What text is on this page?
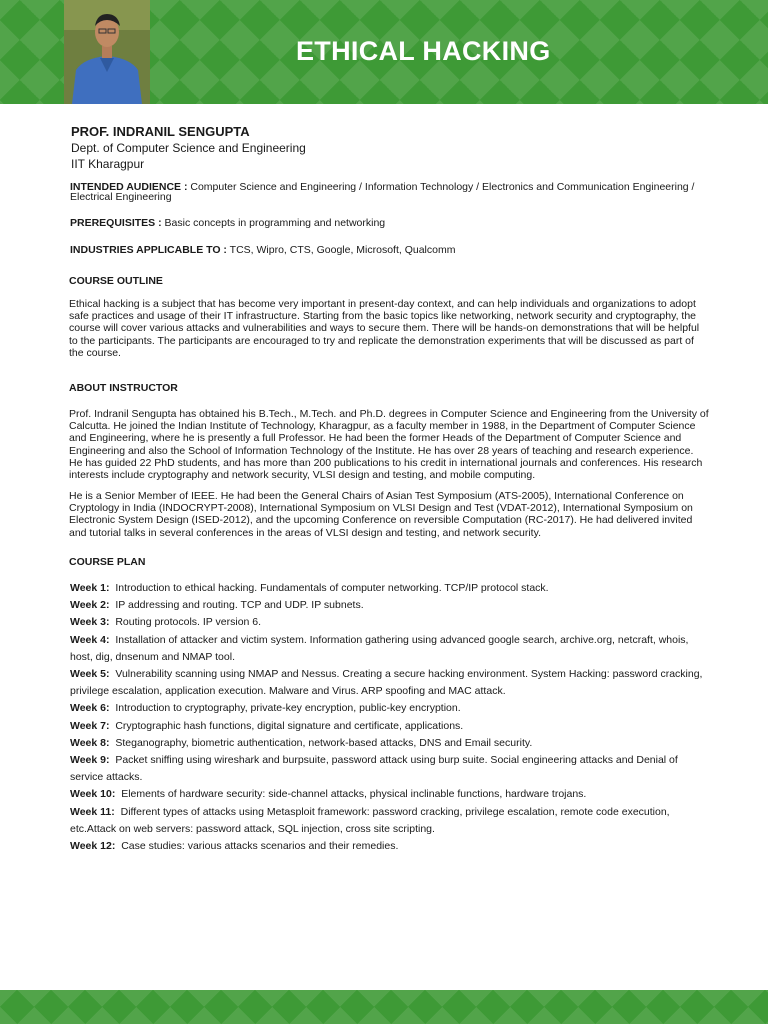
ETHICAL HACKING
PROF. INDRANIL SENGUPTA
Dept. of Computer Science and Engineering
IIT Kharagpur
INTENDED AUDIENCE : Computer Science and Engineering / Information Technology / Electronics and Communication Engineering / Electrical Engineering
PREREQUISITES : Basic concepts in programming and networking
INDUSTRIES APPLICABLE TO : TCS, Wipro, CTS, Google, Microsoft, Qualcomm
COURSE OUTLINE

Ethical hacking is a subject that has become very important in present-day context, and can help individuals and organizations to adopt safe practices and usage of their IT infrastructure. Starting from the basic topics like networking, network security and cryptography, the course will cover various attacks and vulnerabilities and ways to secure them. There will be hands-on demonstrations that will be helpful to the participants. The participants are encouraged to try and replicate the demonstration experiments that will be discussed as part of the course.

ABOUT INSTRUCTOR

Prof. Indranil Sengupta has obtained his B.Tech., M.Tech. and Ph.D. degrees in Computer Science and Engineering from the University of Calcutta. He joined the Indian Institute of Technology, Kharagpur, as a faculty member in 1988, in the Department of Computer Science and Engineering, where he is presently a full Professor. He had been the former Heads of the Department of Computer Science and Engineering and also the School of Information Technology of the Institute. He has over 28 years of teaching and research experience. He has guided 22 PhD students, and has more than 200 publications to his credit in international journals and conferences. His research interests include cryptography and network security, VLSI design and testing, and mobile computing.

He is a Senior Member of IEEE. He had been the General Chairs of Asian Test Symposium (ATS-2005), International Conference on Cryptology in India (INDOCRYPT-2008), International Symposium on VLSI Design and Test (VDAT-2012), International Symposium on Electronic System Design (ISED-2012), and the upcoming Conference on reversible Computation (RC-2017). He had delivered invited and tutorial talks in several conferences in the areas of VLSI design and testing, and network security.

COURSE PLAN
Week 1: Introduction to ethical hacking. Fundamentals of computer networking. TCP/IP protocol stack.
Week 2: IP addressing and routing. TCP and UDP. IP subnets.
Week 3: Routing protocols. IP version 6.
Week 4: Installation of attacker and victim system. Information gathering using advanced google search, archive.org, netcraft, whois, host, dig, dnsenum and NMAP tool.
Week 5: Vulnerability scanning using NMAP and Nessus. Creating a secure hacking environment. System Hacking: password cracking, privilege escalation, application execution. Malware and Virus. ARP spoofing and MAC attack.
Week 6: Introduction to cryptography, private-key encryption, public-key encryption.
Week 7: Cryptographic hash functions, digital signature and certificate, applications.
Week 8: Steganography, biometric authentication, network-based attacks, DNS and Email security.
Week 9: Packet sniffing using wireshark and burpsuite, password attack using burp suite. Social engineering attacks and Denial of service attacks.
Week 10: Elements of hardware security: side-channel attacks, physical inclinable functions, hardware trojans.
Week 11: Different types of attacks using Metasploit framework: password cracking, privilege escalation, remote code execution, etc.Attack on web servers: password attack, SQL injection, cross site scripting.
Week 12: Case studies: various attacks scenarios and their remedies.
